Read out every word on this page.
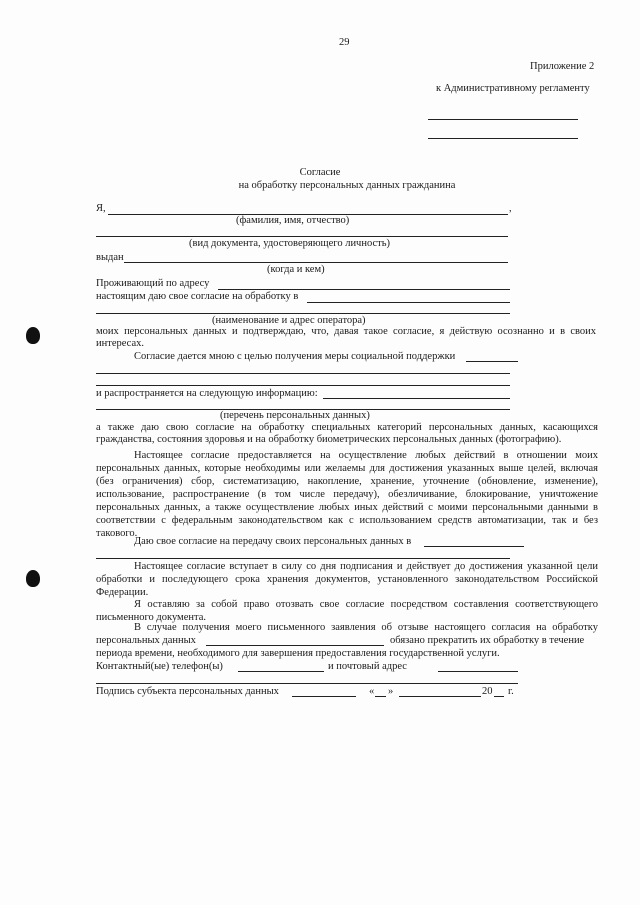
29
Приложение 2
к Административному регламенту
Согласие
на обработку персональных данных гражданина
Я,	,
(фамилия, имя, отчество)
(вид документа, удостоверяющего личность)
выдан
(когда и кем)
Проживающий по адресу
настоящим даю свое согласие на обработку в
(наименование и адрес оператора)
моих персональных данных и подтверждаю, что, давая такое согласие, я действую осознанно и в своих
интересах.
Согласие дается мною с целью получения меры социальной поддержки
и распространяется на следующую информацию:
(перечень персональных данных)
а также даю свою согласие на обработку специальных категорий персональных данных, касающихся
гражданства, состояния здоровья и на обработку биометрических персональных данных (фотографию).
Настоящее согласие предоставляется на осуществление любых действий в отношении моих
персональных данных, которые необходимы или желаемы для достижения указанных выше целей, включая
(без ограничения) сбор, систематизацию, накопление, хранение, уточнение (обновление, изменение),
использование, распространение (в том числе передачу), обезличивание, блокирование, уничтожение
персональных данных, а также осуществление любых иных действий с моими персональными данными в
соответствии с федеральным законодательством как с использованием средств автоматизации, так и без
такового.
Даю свое согласие на передачу своих персональных данных в
Настоящее согласие вступает в силу со дня подписания и действует до достижения указанной цели
обработки и последующего срока хранения документов, установленного законодательством Российской
Федерации.
Я оставляю за собой право отозвать свое согласие посредством составления соответствующего
письменного документа.
В случае получения моего письменного заявления об отзыве настоящего согласия на обработку
персональных данных	обязано прекратить их обработку в течение
периода времени, необходимого для завершения предоставления государственной услуги.
Контактный(ые) телефон(ы)	и почтовый адрес
Подпись субъекта персональных данных	« »	20 г.
